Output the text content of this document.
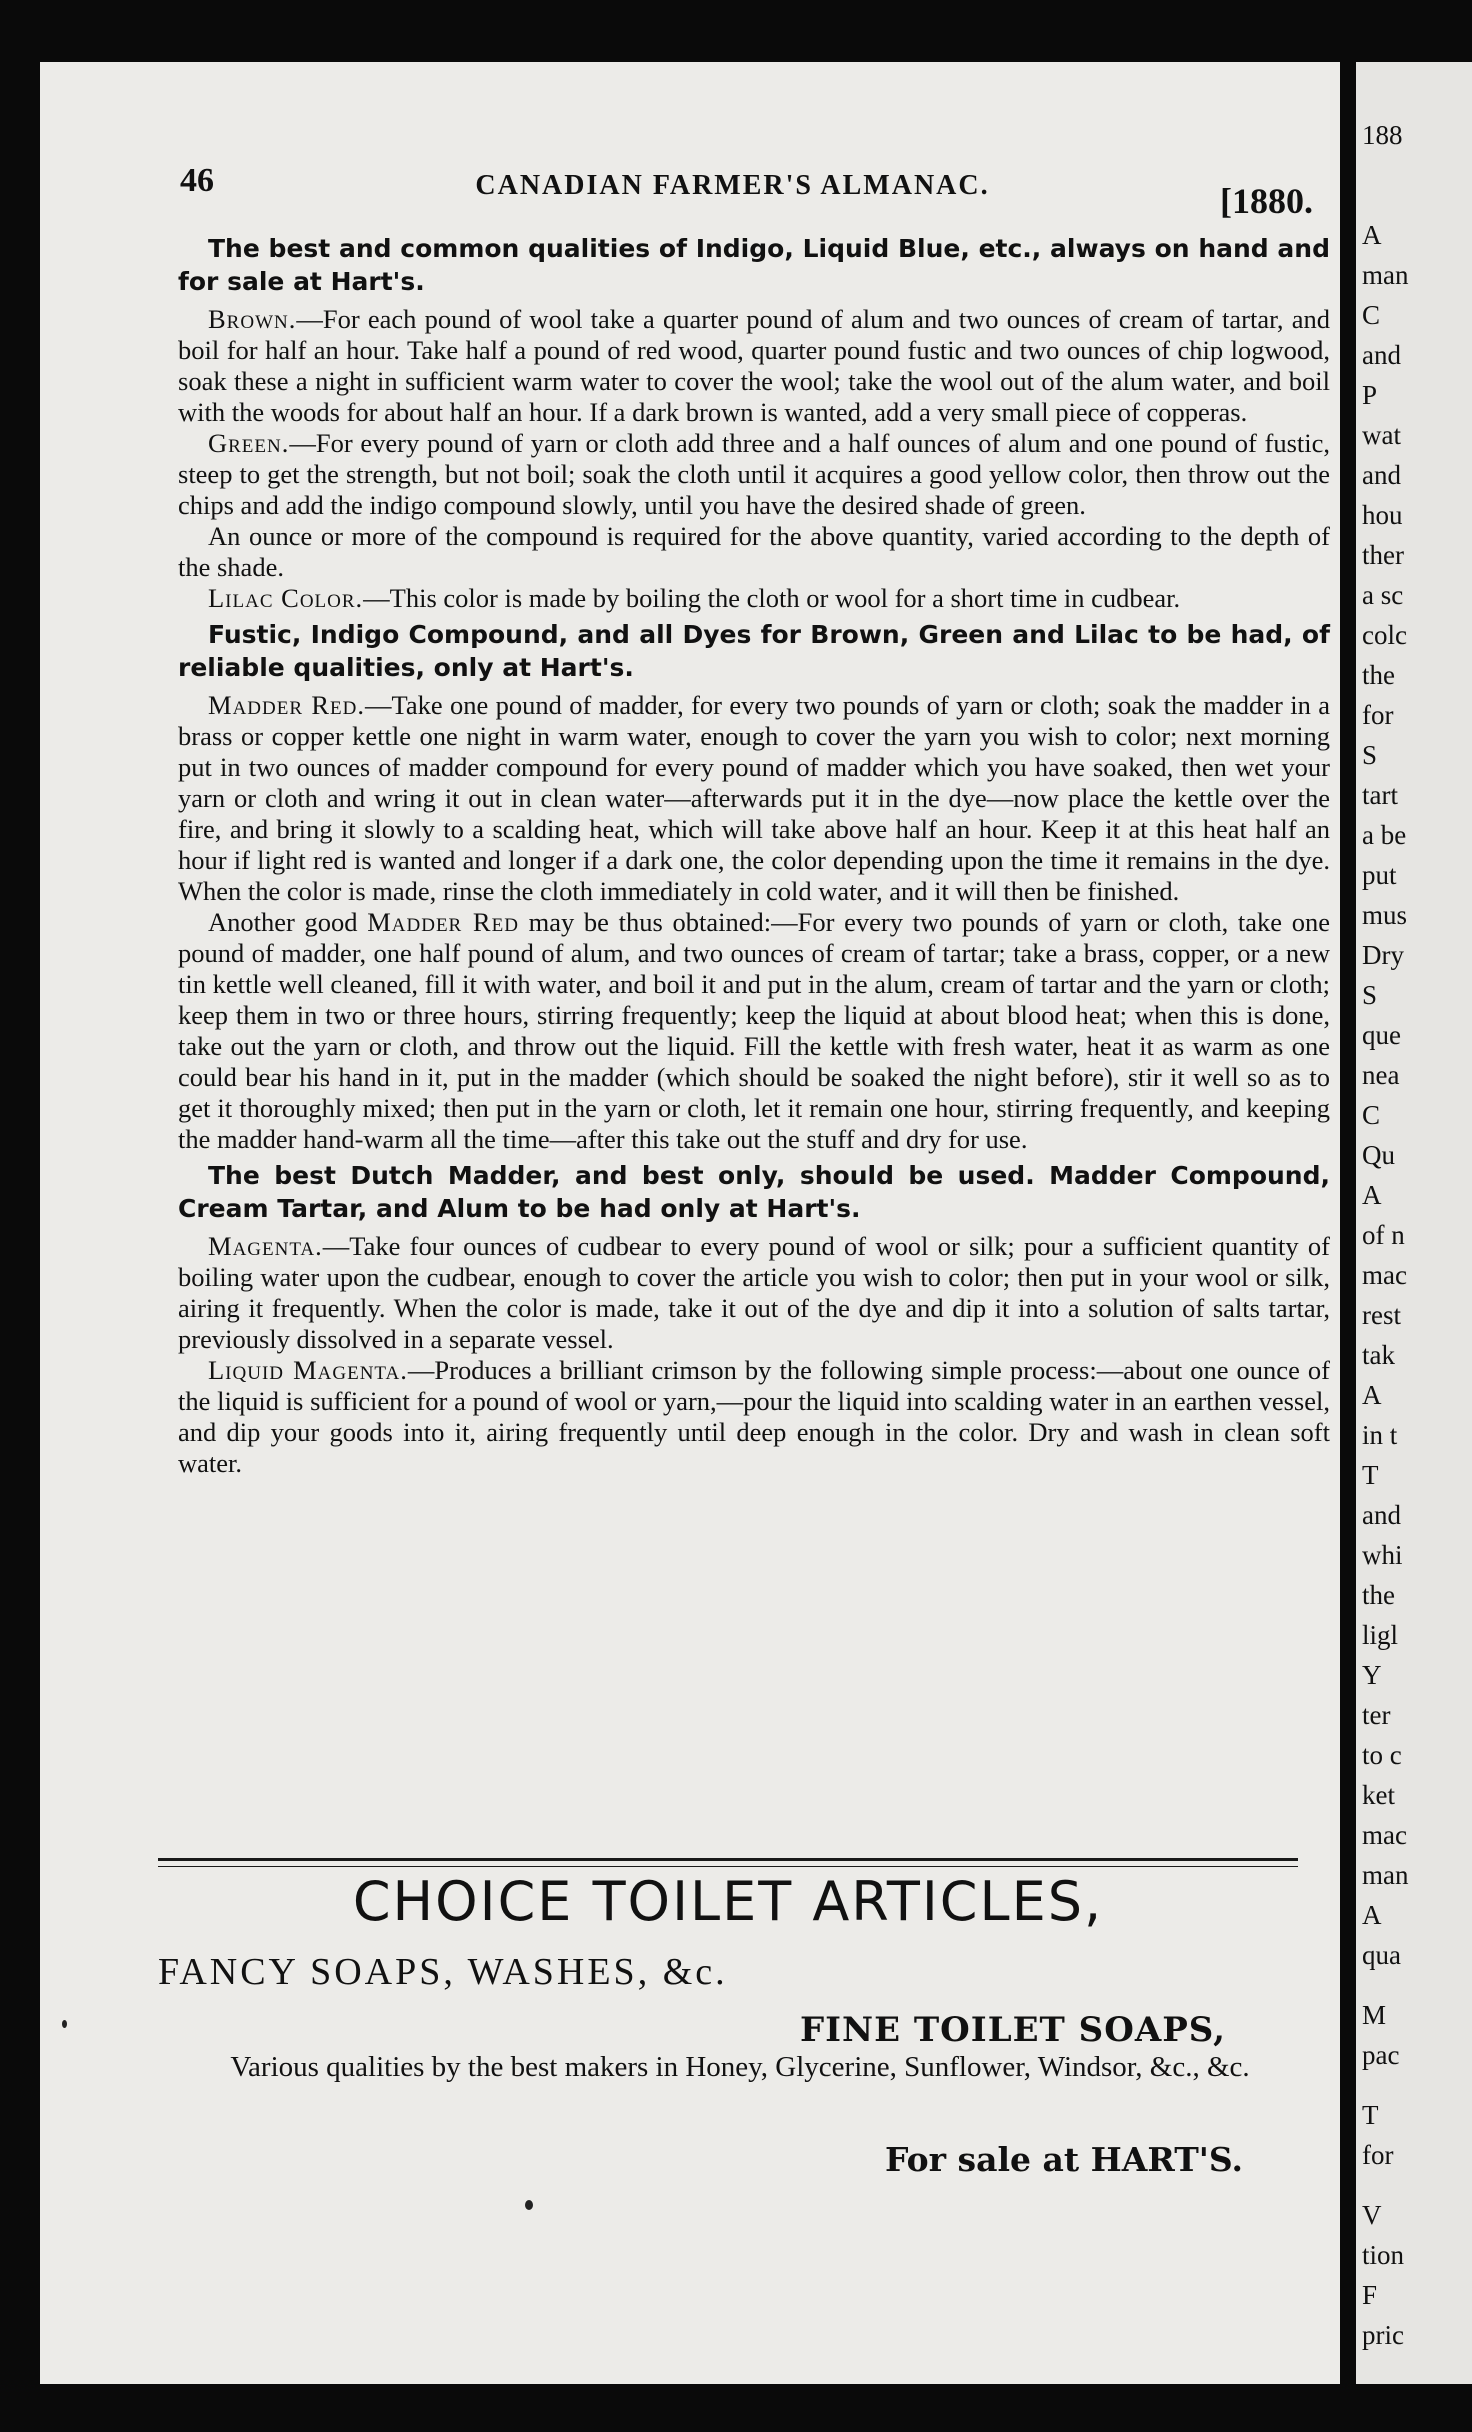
188
A
man
C
and
P
wat
and
hou
ther
a sc
colc
the
for
S
tart
a be
put
mus
Dry
S
que
nea
C
Qu
A
of n
mac
rest
tak
A
in t
T
and
whi
the
ligl
Y
ter
to c
ket
mac
man
A
qua
M
pac
T
for
V
tion
F
pric
46	CANADIAN FARMER'S ALMANAC.	[1880.

The best and common qualities of Indigo, Liquid Blue, etc., always on hand and for sale at Hart's.

Brown.—For each pound of wool take a quarter pound of alum and two ounces of cream of tartar, and boil for half an hour. Take half a pound of red wood, quarter pound fustic and two ounces of chip logwood, soak these a night in sufficient warm water to cover the wool; take the wool out of the alum water, and boil with the woods for about half an hour. If a dark brown is wanted, add a very small piece of copperas.

Green.—For every pound of yarn or cloth add three and a half ounces of alum and one pound of fustic, steep to get the strength, but not boil; soak the cloth until it acquires a good yellow color, then throw out the chips and add the indigo compound slowly, until you have the desired shade of green.

An ounce or more of the compound is required for the above quantity, varied according to the depth of the shade.

Lilac Color.—This color is made by boiling the cloth or wool for a short time in cudbear.

Fustic, Indigo Compound, and all Dyes for Brown, Green and Lilac to be had, of reliable qualities, only at Hart's.

Madder Red.—Take one pound of madder, for every two pounds of yarn or cloth; soak the madder in a brass or copper kettle one night in warm water, enough to cover the yarn you wish to color; next morning put in two ounces of madder compound for every pound of madder which you have soaked, then wet your yarn or cloth and wring it out in clean water—afterwards put it in the dye—now place the kettle over the fire, and bring it slowly to a scalding heat, which will take above half an hour. Keep it at this heat half an hour if light red is wanted and longer if a dark one, the color depending upon the time it remains in the dye. When the color is made, rinse the cloth immediately in cold water, and it will then be finished.

Another good Madder Red may be thus obtained:—For every two pounds of yarn or cloth, take one pound of madder, one half pound of alum, and two ounces of cream of tartar; take a brass, copper, or a new tin kettle well cleaned, fill it with water, and boil it and put in the alum, cream of tartar and the yarn or cloth; keep them in two or three hours, stirring frequently; keep the liquid at about blood heat; when this is done, take out the yarn or cloth, and throw out the liquid. Fill the kettle with fresh water, heat it as warm as one could bear his hand in it, put in the madder (which should be soaked the night before), stir it well so as to get it thoroughly mixed; then put in the yarn or cloth, let it remain one hour, stirring frequently, and keeping the madder hand-warm all the time—after this take out the stuff and dry for use.

The best Dutch Madder, and best only, should be used. Madder Compound, Cream Tartar, and Alum to be had only at Hart's.

Magenta.—Take four ounces of cudbear to every pound of wool or silk; pour a sufficient quantity of boiling water upon the cudbear, enough to cover the article you wish to color; then put in your wool or silk, airing it frequently. When the color is made, take it out of the dye and dip it into a solution of salts tartar, previously dissolved in a separate vessel.

Liquid Magenta.—Produces a brilliant crimson by the following simple process:—about one ounce of the liquid is sufficient for a pound of wool or yarn,—pour the liquid into scalding water in an earthen vessel, and dip your goods into it, airing frequently until deep enough in the color. Dry and wash in clean soft water.

CHOICE TOILET ARTICLES,
FANCY SOAPS, WASHES, &c.
FINE TOILET SOAPS,
Various qualities by the best makers in Honey, Glycerine, Sunflower, Windsor, &c., &c.
For sale at HART'S.
